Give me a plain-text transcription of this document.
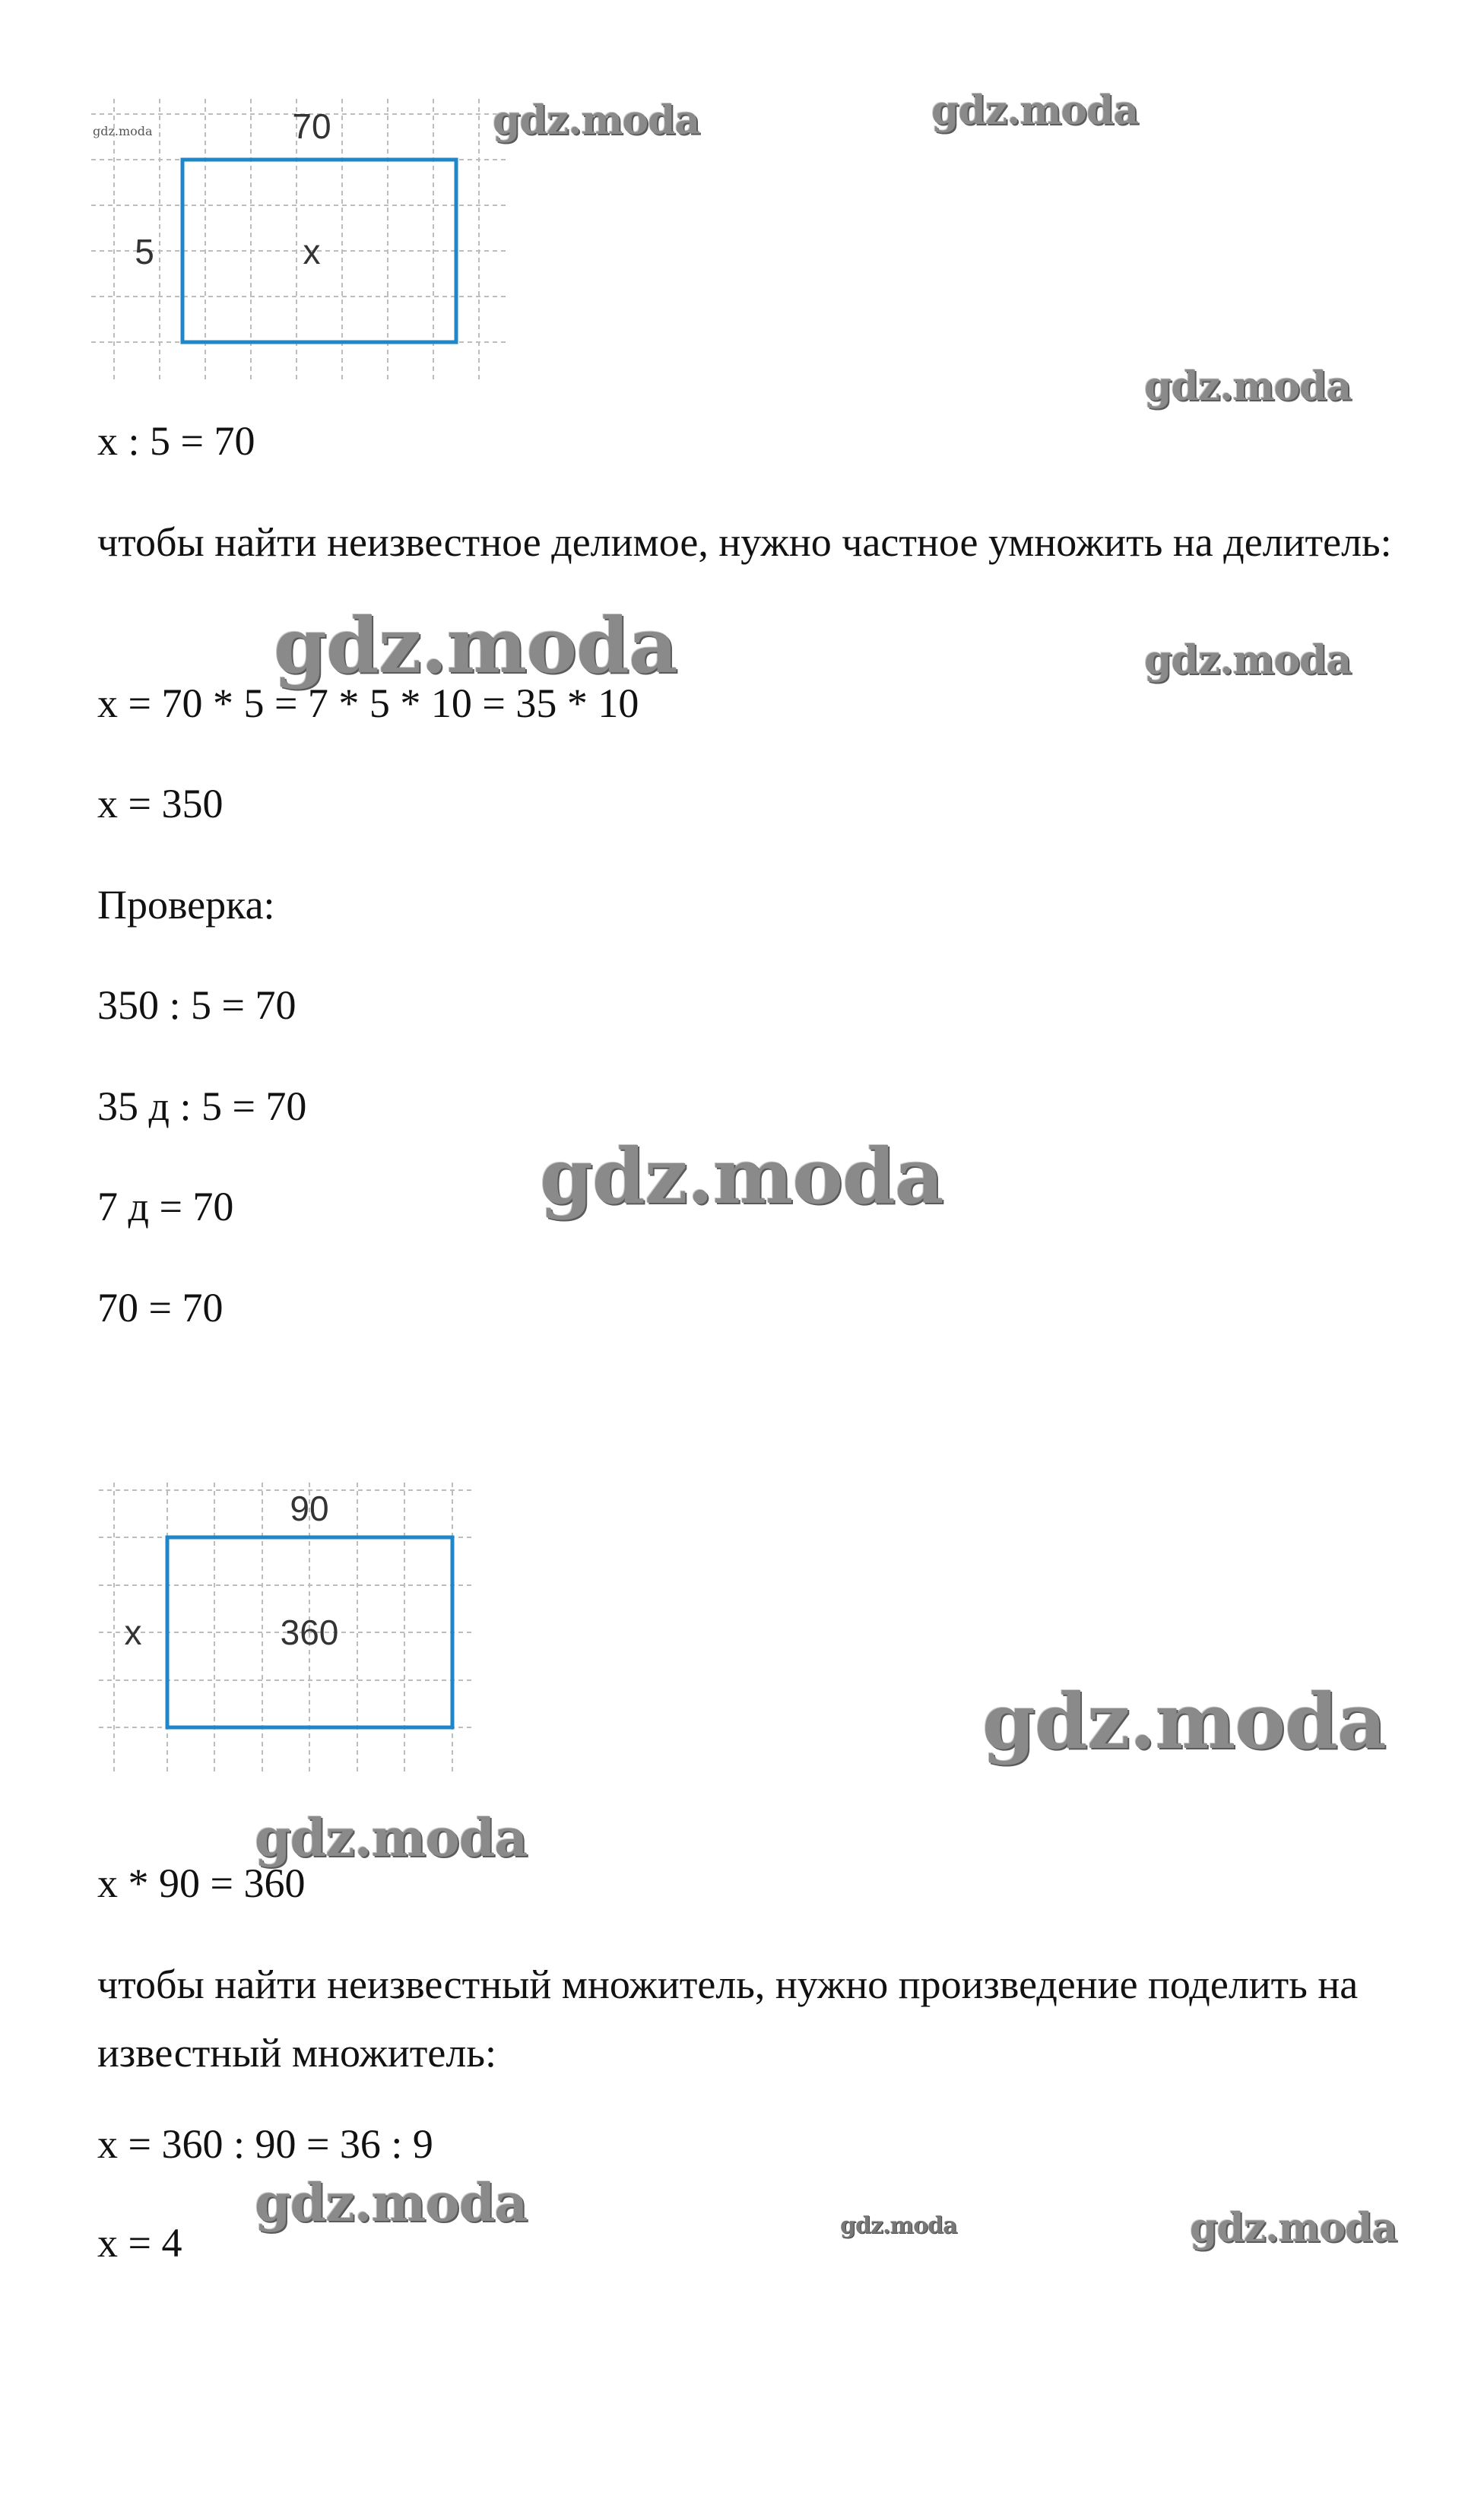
70
5	x
gdz.moda
x : 5 = 70
чтобы найти неизвестное делимое, нужно частное умножить на делитель:
x = 70 * 5 = 7 * 5 * 10 = 35 * 10
x = 350
Проверка:
350 : 5 = 70
35 д : 5 = 70
7 д = 70
70 = 70
90
x	360
x * 90 = 360
чтобы найти неизвестный множитель, нужно произведение поделить на известный множитель:
x = 360 : 90 = 36 : 9
x = 4
gdz.moda	gdz.moda
gdz.moda
gdz.moda	gdz.moda
gdz.moda
gdz.moda
gdz.moda
gdz.moda	gdz.moda	gdz.moda
